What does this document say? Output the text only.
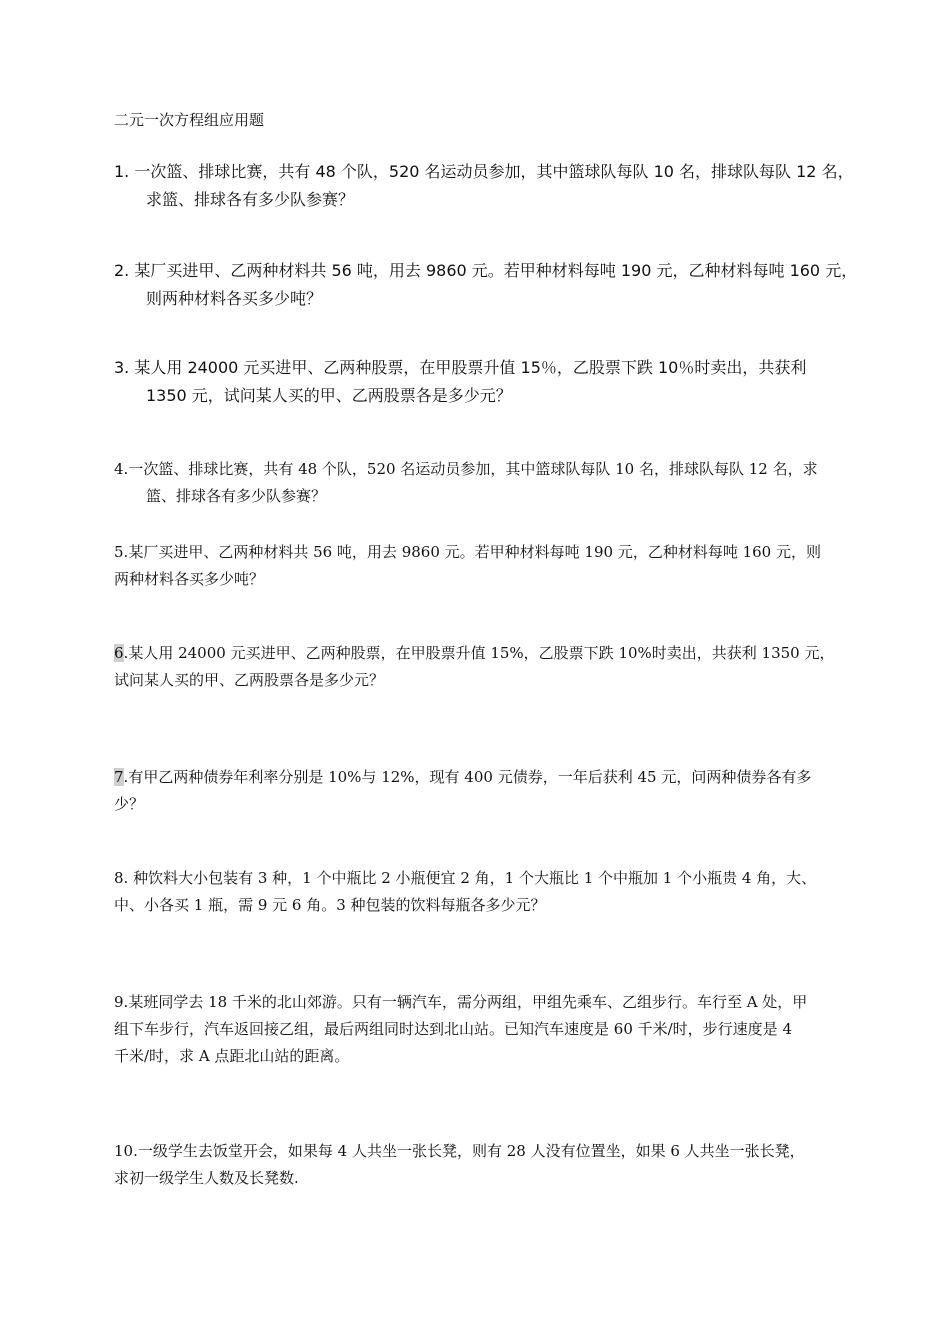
二元一次方程组应用题
1. 一次篮、排球比赛，共有 48 个队，520 名运动员参加，其中篮球队每队 10 名，排球队每队 12 名，
求篮、排球各有多少队参赛？
2. 某厂买进甲、乙两种材料共 56 吨，用去 9860 元。若甲种材料每吨 190 元，乙种材料每吨 160 元，
则两种材料各买多少吨？
3. 某人用 24000 元买进甲、乙两种股票，在甲股票升值 15％，乙股票下跌 10％时卖出，共获利
1350 元，试问某人买的甲、乙两股票各是多少元？
4.一次篮、排球比赛，共有 48 个队，520 名运动员参加，其中篮球队每队 10 名，排球队每队 12 名，求
篮、排球各有多少队参赛？
5.某厂买进甲、乙两种材料共 56 吨，用去 9860 元。若甲种材料每吨 190 元，乙种材料每吨 160 元，则
两种材料各买多少吨？
6.某人用 24000 元买进甲、乙两种股票，在甲股票升值 15%，乙股票下跌 10%时卖出，共获利 1350 元，
试问某人买的甲、乙两股票各是多少元？
7.有甲乙两种债券年利率分别是 10%与 12%，现有 400 元债券，一年后获利 45 元，问两种债券各有多
少？
8. 种饮料大小包装有 3 种，1 个中瓶比 2 小瓶便宜 2 角，1 个大瓶比 1 个中瓶加 1 个小瓶贵 4 角，大、
中、小各买 1 瓶，需 9 元 6 角。3 种包装的饮料每瓶各多少元？
9.某班同学去 18 千米的北山郊游。只有一辆汽车，需分两组，甲组先乘车、乙组步行。车行至 A 处，甲
组下车步行，汽车返回接乙组，最后两组同时达到北山站。已知汽车速度是 60 千米/时，步行速度是 4
千米/时，求 A 点距北山站的距离。
10.一级学生去饭堂开会，如果每 4 人共坐一张长凳，则有 28 人没有位置坐，如果 6 人共坐一张长凳，
求初一级学生人数及长凳数.
